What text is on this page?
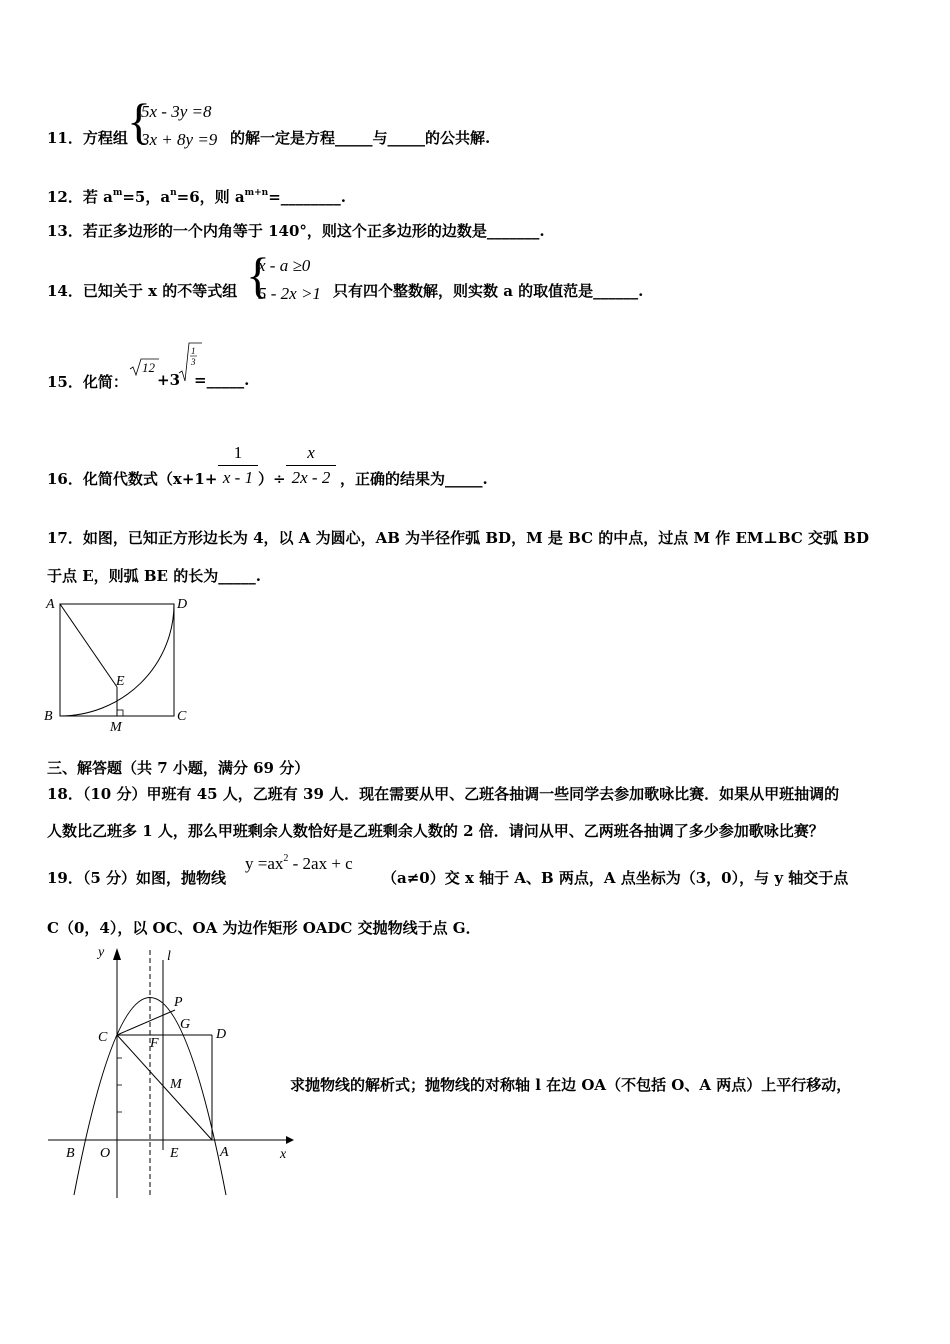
11．方程组 {
5x - 3y =8
3x + 8y =9 的解一定是方程_____与_____的公共解.
12．若 $a^m=5$，$a^n=6$，则 $a^{m+n}=\_\_\_\_\_\_\_\_$.
13．若正多边形的一个内角等于 140°，则这个正多边形的边数是_______.
14．已知关于 x 的不等式组 {
x - a ≥0
5 - 2x >1 只有四个整数解，则实数 a 的取值范是______.
15．化简：
12
1
3
+3 =_____.
16．化简代数式（x+1+
1
x - 1 ）÷
x
2x - 2 ，正确的结果为_____.
17．如图，已知正方形边长为 4，以 A 为圆心，AB 为半径作弧 BD，M 是 BC 的中点，过点 M 作 EM⊥BC 交弧 BD
于点 E，则弧 BE 的长为_____.
A	D
E
B
M
C
三、解答题（共 7 小题，满分 69 分）
18．（10 分）甲班有 45 人，乙班有 39 人．现在需要从甲、乙班各抽调一些同学去参加歌咏比赛．如果从甲班抽调的
人数比乙班多 1 人，那么甲班剩余人数恰好是乙班剩余人数的 2 倍．请问从甲、乙两班各抽调了多少参加歌咏比赛？
19．（5 分）如图，抛物线
$y =ax^2 - 2ax + c$
（a≠0）交 x 轴于 A、B 两点，A 点坐标为（3，0），与 y 轴交于点
C（0，4），以 OC、OA 为边作矩形 OADC 交抛物线于点 G．
y	l
P
G
C	D
F
M
B O	E	A	x
求抛物线的解析式；抛物线的对称轴 l 在边 OA（不包括 O、A 两点）上平行移动，
